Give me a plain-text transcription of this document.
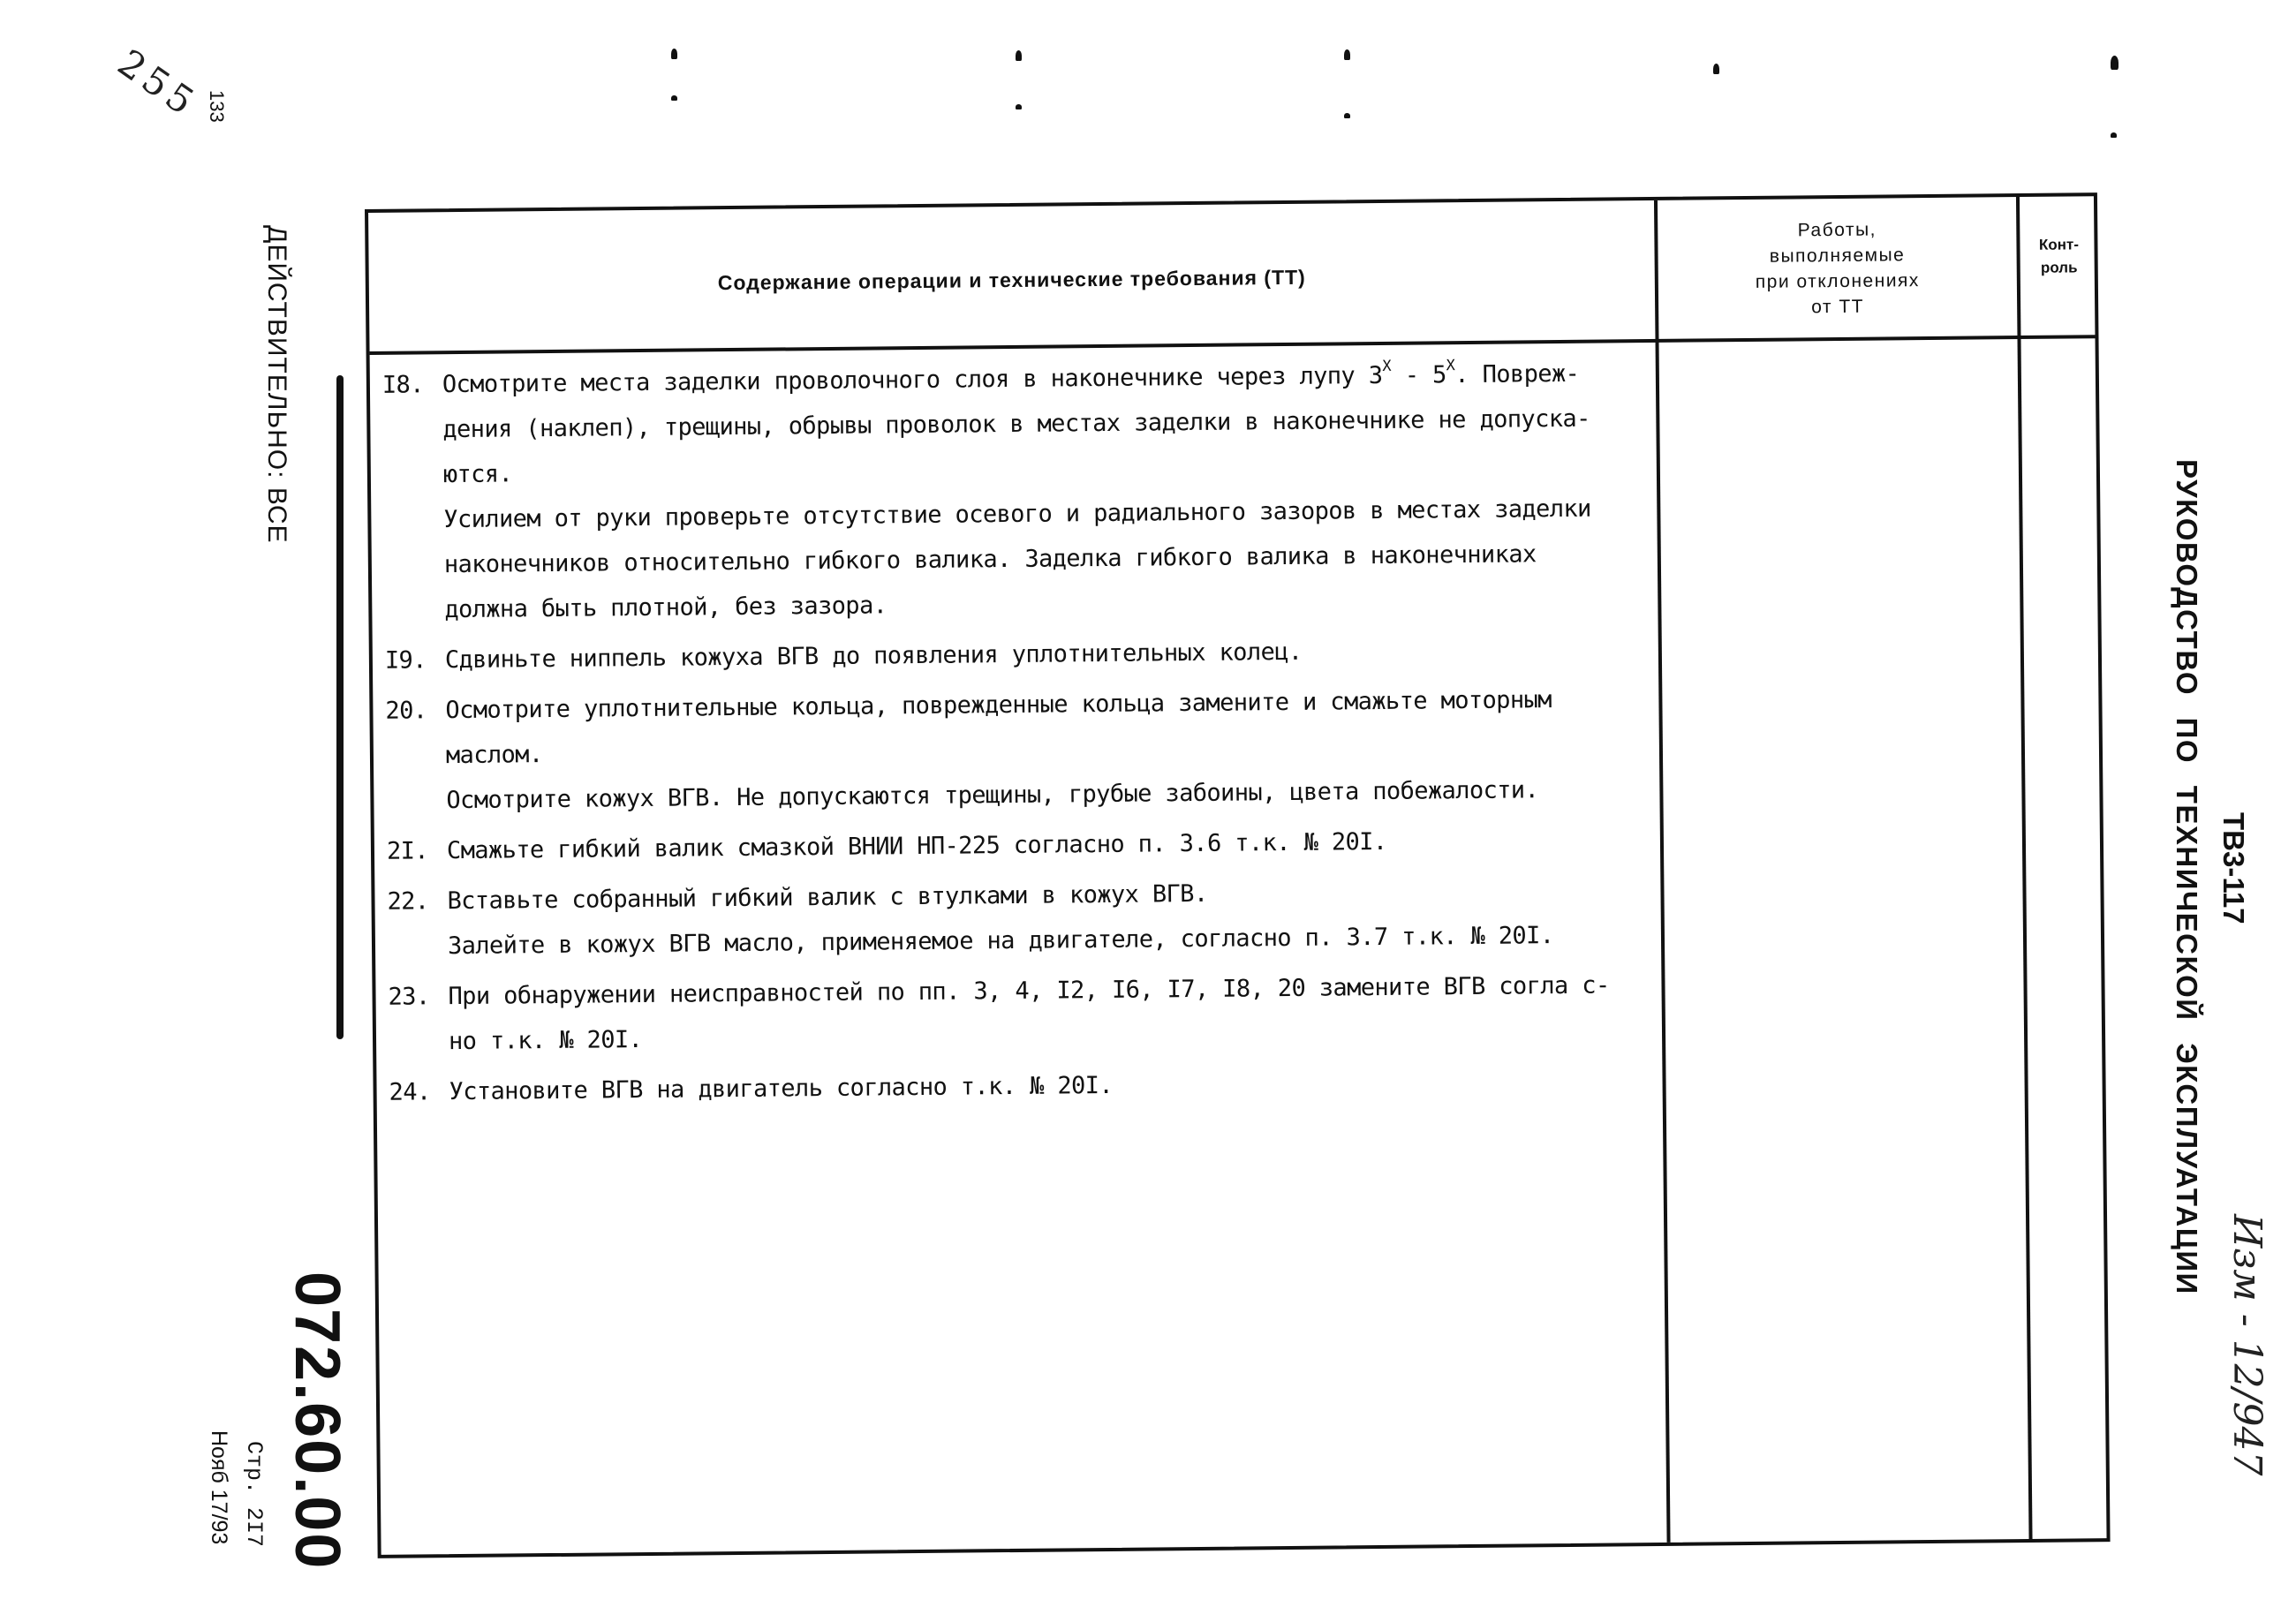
255 133
ДЕЙСТВИТЕЛЬНО: ВСЕ
072.60.00
Стр. 2I7
Нояб 17/93
РУКОВОДСТВО ПО ТЕХНИЧЕСКОЙ ЭКСПЛУАТАЦИИ ТВ3-117
Изм - 12/947
Содержание операции и технические требования (ТТ)
Работы,
выполняемые
при отклонениях
от ТТ
Конт-
роль
I8. Осмотрите места заделки проволочного слоя в наконечнике через лупу $3^X - 5^X$. Повреж-

дения (наклеп), трещины, обрывы проволок в местах заделки в наконечнике не допуска-

ются.

Усилием от руки проверьте отсутствие осевого и радиального зазоров в местах заделки

наконечников относительно гибкого валика. Заделка гибкого валика в наконечниках

должна быть плотной, без зазора.

I9. Сдвиньте ниппель кожуха ВГВ до появления уплотнительных колец.

20. Осмотрите уплотнительные кольца, поврежденные кольца замените и смажьте моторным

маслом.

Осмотрите кожух ВГВ. Не допускаются трещины, грубые забоины, цвета побежалости.

2I. Смажьте гибкий валик смазкой ВНИИ НП-225 согласно п. 3.6 т.к. № 20I.

22. Вставьте собранный гибкий валик с втулками в кожух ВГВ.

Залейте в кожух ВГВ масло, применяемое на двигателе, согласно п. 3.7 т.к. № 20I.

23. При обнаружении неисправностей по пп. 3, 4, I2, I6, I7, I8, 20 замените ВГВ согла с-

но т.к. № 20I.

24. Установите ВГВ на двигатель согласно т.к. № 20I.
